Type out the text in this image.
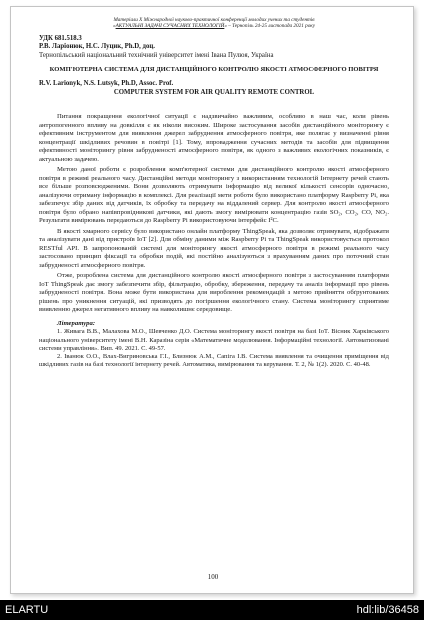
Матеріали Х Міжнародної науково-практичної конференції молодих учених та студентів
«АКТУАЛЬНІ ЗАДАЧІ СУЧАСНИХ ТЕХНОЛОГІЙ» – Тернопіль 24-25 листопада 2021 року
УДК 681.518.3
Р.В. Ларіонюк, Н.С. Луцик, Ph.D, доц.
Тернопільський національний технічний університет імені Івана Пулюя, Україна
КОМП'ЮТЕРНА СИСТЕМА ДЛЯ ДИСТАНЦІЙНОГО КОНТРОЛЮ ЯКОСТІ АТМОСФЕРНОГО ПОВІТРЯ
R.V. Larionyk, N.S. Lutsyk, Ph.D, Assoc. Prof.
COMPUTER SYSTEM FOR AIR QUALITY REMOTE CONTROL

Питання покращення екологічної ситуації є надзвичайно важливим, особливо в наш час, коли рівень антропогенного впливу на довкілля є як ніколи високим. Широке застосування засобів дистанційного моніторингу є ефективним інструментом для виявлення джерел забруднення атмосферного повітря, яке полягає у визначенні рівня концентрації шкідливих речовин в повітрі [1]. Тому, впровадження сучасних методів та засобів для підвищення ефективності моніторингу рівня забрудненості атмосферного повітря, як одного з важливих екологічних показників, є актуальною задачею.

Метою даної роботи є розроблення комп'ютерної системи для дистанційного контролю якості атмосферного повітря в режимі реального часу. Дистанційні методи моніторингу з використанням технологій Інтернету речей стають все більше розповсюдженими. Вони дозволяють отримувати інформацію від великої кількості сенсорів одночасно, аналізуючи отриману інформацію в комплексі. Для реалізації мети роботи було використано платформу Raspberry Pi, яка забезпечує збір даних від датчиків, їх обробку та передачу на віддалений сервер. Для контролю якості атмосферного повітря було обрано напівпровідникові датчики, які дають змогу вимірювати концентрацію газів SO₂, CO₂, CO, NO₂. Результати вимірювань передаються до Raspberry Pi використовуючи інтерфейс I²C.

В якості хмарного сервісу було використано онлайн платформу ThingSpeak, яка дозволяє отримувати, відображати та аналізувати дані від пристроїв IoT [2]. Для обміну даними між Raspberry Pi та ThingSpeak використовується протокол RESTful API. В запропонованій системі для моніторингу якості атмосферного повітря в режимі реального часу застосовано принцип фіксації та обробки подій, які постійно аналізуються з врахуванням даних про поточний стан забрудненості атмосферного повітря.

Отже, розроблена система для дистанційного контролю якості атмосферного повітря з застосуванням платформи IoT ThingSpeak дає змогу забезпечити збір, фільтрацію, обробку, збереження, передачу та аналіз інформації про рівень забрудненості повітря. Вона може бути використана для вироблення рекомендацій з метою прийняття обґрунтованих рішень про уникнення ситуацій, які призводять до погіршення екологічного стану. Система моніторингу сприятиме виявленню джерел негативного впливу на навколишнє середовище.

Література:

1. Живага В.В., Малахова М.О., Шевченко Д.О. Система моніторингу якості повітря на базі IoT. Вісник Харківського національного університету імені В.Н. Каразіна серія «Математичне моделювання. Інформаційні технології. Автоматизовані системи управління». Вип. 49. 2021. С. 49-57.

2. Іванюк О.О., Влах-Вигриновська Г.І., Близнюк А.М., Сапіга І.В. Система виявлення та очищення приміщення від шкідливих газів на базі технології інтернету речей. Автоматика, вимірювання та керування. Т. 2, № 1(2). 2020. С. 40-48.

100
ELARTU	hdl:lib/36458
